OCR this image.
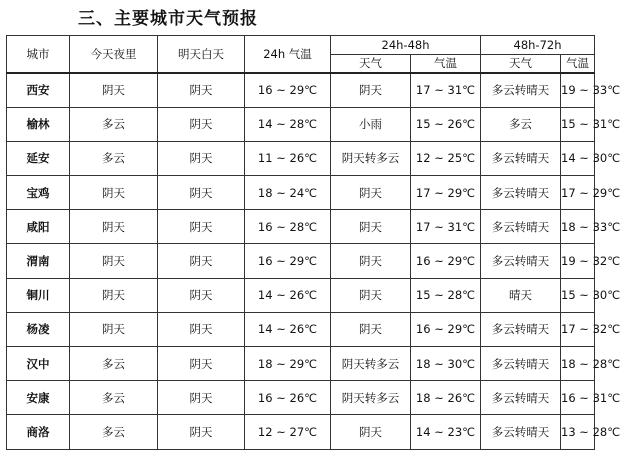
三、主要城市天气预报
城市	今天夜里	明天白天	24h 气温	24h-48h		48h-72h	
				天气	气温	天气	气温
西安	阴天	阴天	16 ~ 29℃	阴天	17 ~ 31℃	多云转晴天	19 ~ 33℃
榆林	多云	阴天	14 ~ 28℃	小雨	15 ~ 26℃	多云	15 ~ 31℃
延安	多云	阴天	11 ~ 26℃	阴天转多云	12 ~ 25℃	多云转晴天	14 ~ 30℃
宝鸡	阴天	阴天	18 ~ 24℃	阴天	17 ~ 29℃	多云转晴天	17 ~ 29℃
咸阳	阴天	阴天	16 ~ 28℃	阴天	17 ~ 31℃	多云转晴天	18 ~ 33℃
渭南	阴天	阴天	16 ~ 29℃	阴天	16 ~ 29℃	多云转晴天	19 ~ 32℃
铜川	阴天	阴天	14 ~ 26℃	阴天	15 ~ 28℃	晴天	15 ~ 30℃
杨凌	阴天	阴天	14 ~ 26℃	阴天	16 ~ 29℃	多云转晴天	17 ~ 32℃
汉中	多云	阴天	18 ~ 29℃	阴天转多云	18 ~ 30℃	多云转晴天	18 ~ 28℃
安康	多云	阴天	16 ~ 26℃	阴天转多云	18 ~ 26℃	多云转晴天	16 ~ 31℃
商洛	多云	阴天	12 ~ 27℃	阴天	14 ~ 23℃	多云转晴天	13 ~ 28℃
